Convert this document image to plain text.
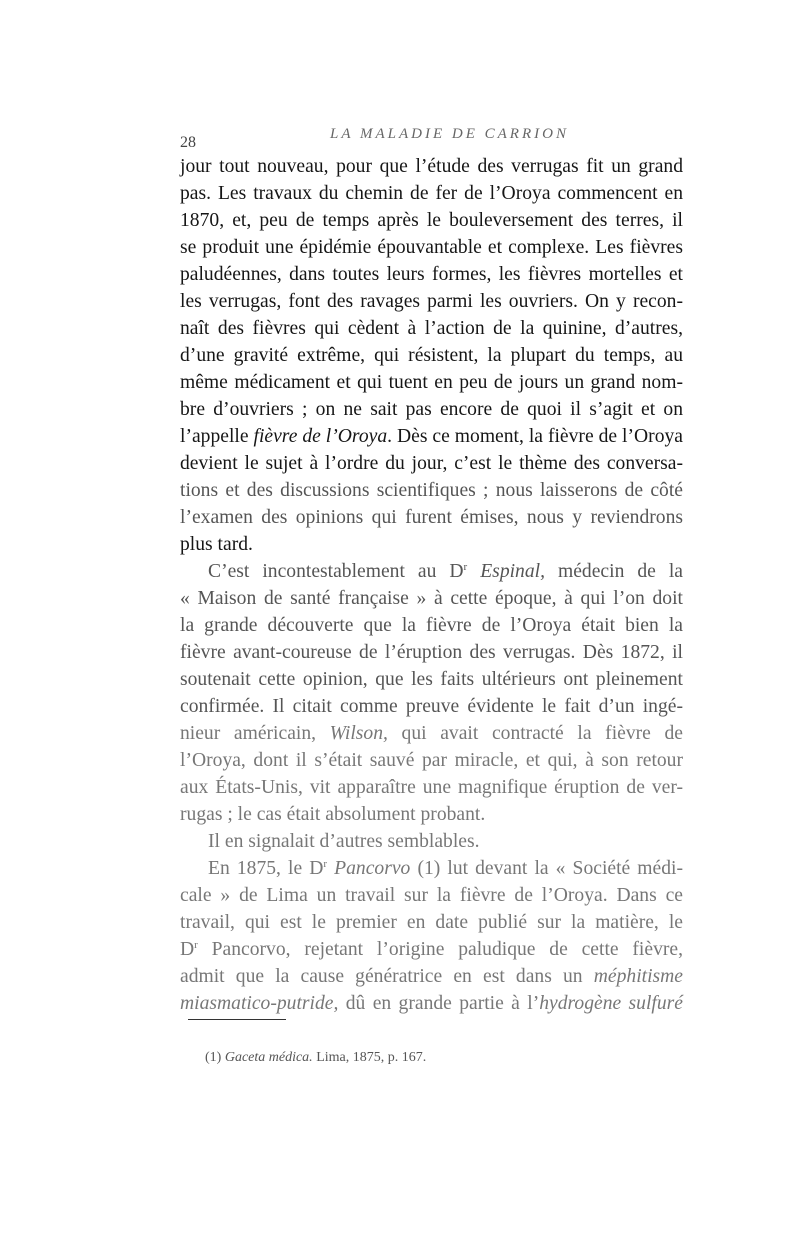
28	LA MALADIE DE CARRION
jour tout nouveau, pour que l’étude des verrugas fit un grand
pas. Les travaux du chemin de fer de l’Oroya commencent en
1870, et, peu de temps après le bouleversement des terres, il
se produit une épidémie épouvantable et complexe. Les fièvres
paludéennes, dans toutes leurs formes, les fièvres mortelles et
les verrugas, font des ravages parmi les ouvriers. On y recon-
naît des fièvres qui cèdent à l’action de la quinine, d’autres,
d’une gravité extrême, qui résistent, la plupart du temps, au
même médicament et qui tuent en peu de jours un grand nom-
bre d’ouvriers ; on ne sait pas encore de quoi il s’agit et on
l’appelle fièvre de l’Oroya. Dès ce moment, la fièvre de l’Oroya
devient le sujet à l’ordre du jour, c’est le thème des conversa-
tions et des discussions scientifiques ; nous laisserons de côté
l’examen des opinions qui furent émises, nous y reviendrons
plus tard.
C’est incontestablement au $D^r$ Espinal, médecin de la
« Maison de santé française » à cette époque, à qui l’on doit
la grande découverte que la fièvre de l’Oroya était bien la
fièvre avant-coureuse de l’éruption des verrugas. Dès 1872, il
soutenait cette opinion, que les faits ultérieurs ont pleinement
confirmée. Il citait comme preuve évidente le fait d’un ingé-
nieur américain, Wilson, qui avait contracté la fièvre de
l’Oroya, dont il s’était sauvé par miracle, et qui, à son retour
aux États-Unis, vit apparaître une magnifique éruption de ver-
rugas ; le cas était absolument probant.
Il en signalait d’autres semblables.
En 1875, le $D^r$ Pancorvo (1) lut devant la « Société médi-
cale » de Lima un travail sur la fièvre de l’Oroya. Dans ce
travail, qui est le premier en date publié sur la matière, le
$D^r$ Pancorvo, rejetant l’origine paludique de cette fièvre,
admit que la cause génératrice en est dans un méphitisme
miasmatico-putride, dû en grande partie à l’hydrogène sulfuré
(1) Gaceta médica. Lima, 1875, p. 167.
